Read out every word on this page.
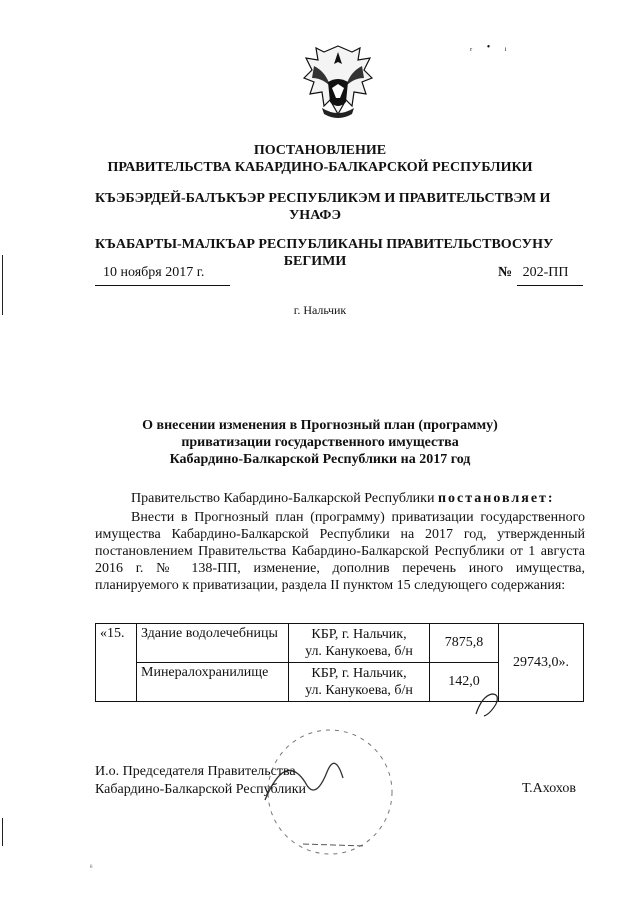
ᵣ • ᵢ
ПОСТАНОВЛЕНИЕ
ПРАВИТЕЛЬСТВА КАБАРДИНО-БАЛКАРСКОЙ РЕСПУБЛИКИ
КЪЭБЭРДЕЙ-БАЛЪКЪЭР РЕСПУБЛИКЭМ И ПРАВИТЕЛЬСТВЭМ И
УНАФЭ
КЪАБАРТЫ-МАЛКЪАР РЕСПУБЛИКАНЫ ПРАВИТЕЛЬСТВОСУНУ
БЕГИМИ
10 ноября 2017 г.	№ 202-ПП
г. Нальчик
О внесении изменения в Прогнозный план (программу)
приватизации государственного имущества
Кабардино-Балкарской Республики на 2017 год
Правительство Кабардино-Балкарской Республики постановляет:

Внести в Прогнозный план (программу) приватизации государственного имущества Кабардино-Балкарской Республики на 2017 год, утвержденный постановлением Правительства Кабардино-Балкарской Республики от 1 августа 2016 г. № 138-ПП, изменение, дополнив перечень иного имущества, планируемого к приватизации, раздела II пунктом 15 следующего содержания:

«15.	Здание водолечебницы	КБР, г. Нальчик,
ул. Канукоева, б/н	7875,8	29743,0».
	Минералохранилище	КБР, г. Нальчик,
ул. Канукоева, б/н	142,0	
И.о. Председателя Правительства
Кабардино-Балкарской Республики	Т.Ахохов
ᵢᵢ
